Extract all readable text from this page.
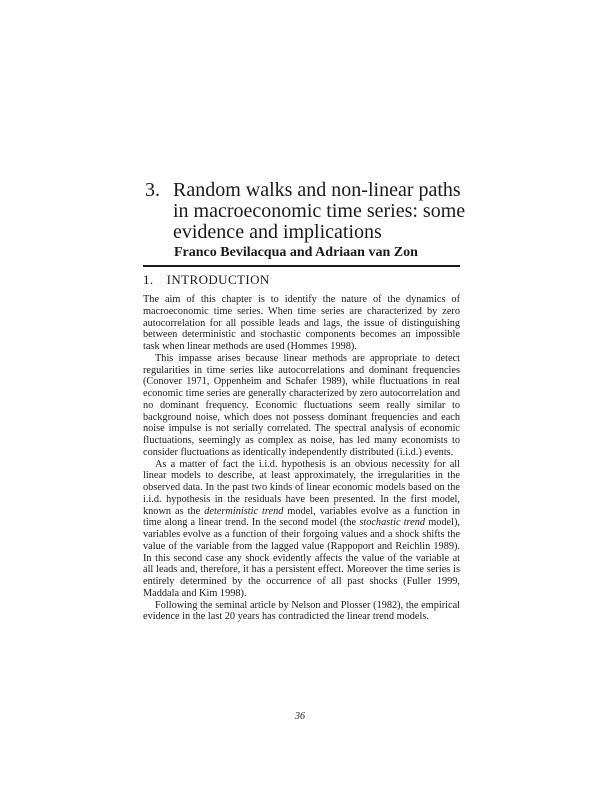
3. Random walks and non-linear paths in macroeconomic time series: some evidence and implications
Franco Bevilacqua and Adriaan van Zon
1. INTRODUCTION

The aim of this chapter is to identify the nature of the dynamics of macroeconomic time series. When time series are characterized by zero autocorrelation for all possible leads and lags, the issue of distinguishing between deterministic and stochastic components becomes an impossible task when linear methods are used (Hommes 1998).

This impasse arises because linear methods are appropriate to detect regularities in time series like autocorrelations and dominant frequencies (Conover 1971, Oppenheim and Schafer 1989), while fluctuations in real economic time series are generally characterized by zero autocorrelation and no dominant frequency. Economic fluctuations seem really similar to background noise, which does not possess dominant frequencies and each noise impulse is not serially correlated. The spectral analysis of economic fluctuations, seemingly as complex as noise, has led many economists to consider fluctuations as identically independently distributed (i.i.d.) events.

As a matter of fact the i.i.d. hypothesis is an obvious necessity for all linear models to describe, at least approximately, the irregularities in the observed data. In the past two kinds of linear economic models based on the i.i.d. hypothesis in the residuals have been presented. In the first model, known as the deterministic trend model, variables evolve as a function in time along a linear trend. In the second model (the stochastic trend model), variables evolve as a function of their forgoing values and a shock shifts the value of the variable from the lagged value (Rappoport and Reichlin 1989). In this second case any shock evidently affects the value of the variable at all leads and, therefore, it has a persistent effect. Moreover the time series is entirely determined by the occurrence of all past shocks (Fuller 1999, Maddala and Kim 1998).

Following the seminal article by Nelson and Plosser (1982), the empirical evidence in the last 20 years has contradicted the linear trend models.

36
